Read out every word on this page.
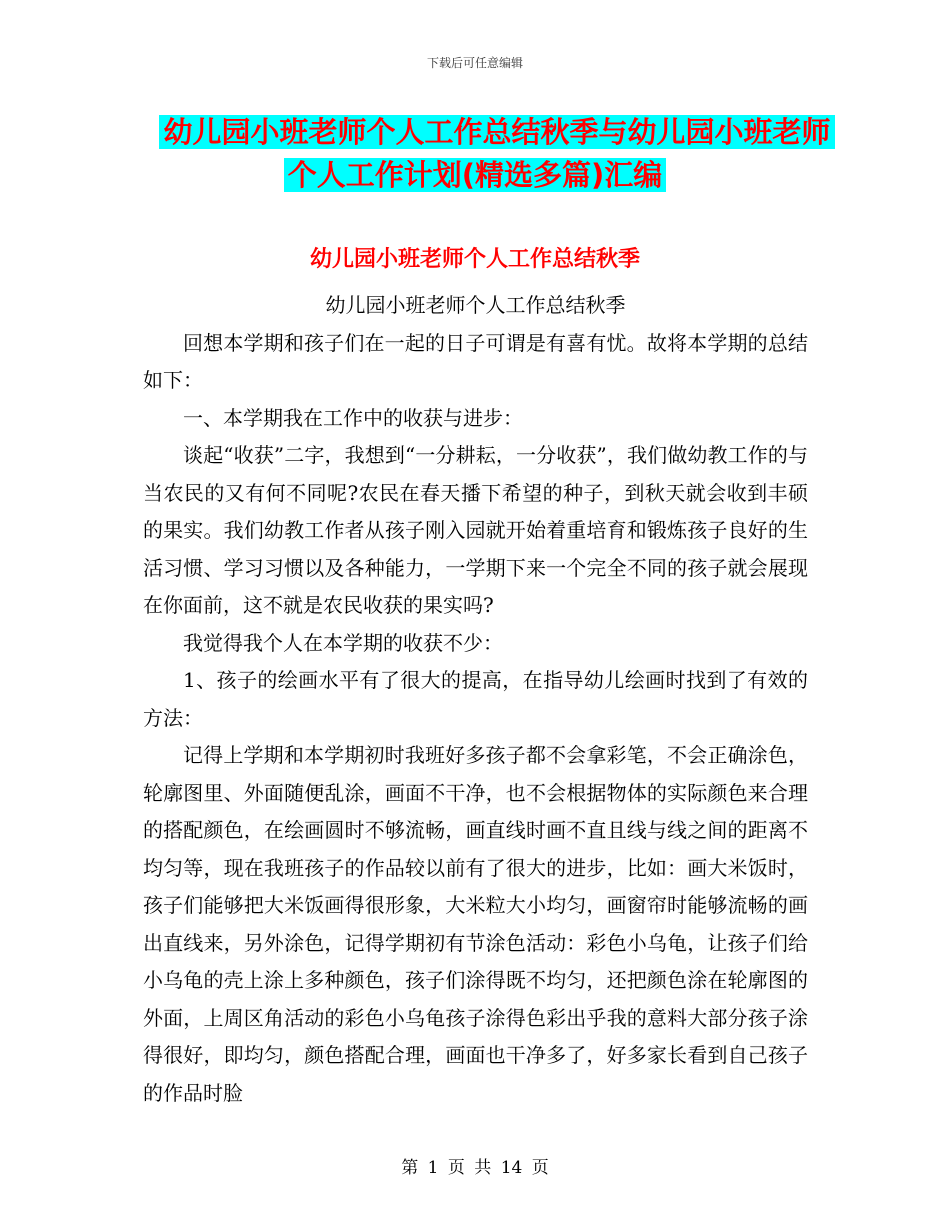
下载后可任意编辑
幼儿园小班老师个人工作总结秋季与幼儿园小班老师
个人工作计划(精选多篇)汇编
幼儿园小班老师个人工作总结秋季

幼儿园小班老师个人工作总结秋季

回想本学期和孩子们在一起的日子可谓是有喜有忧。故将本学期的总结如下：

一、本学期我在工作中的收获与进步：

谈起“收获”二字，我想到“一分耕耘，一分收获”，我们做幼教工作的与当农民的又有何不同呢?农民在春天播下希望的种子，到秋天就会收到丰硕的果实。我们幼教工作者从孩子刚入园就开始着重培育和锻炼孩子良好的生活习惯、学习习惯以及各种能力，一学期下来一个完全不同的孩子就会展现在你面前，这不就是农民收获的果实吗?

我觉得我个人在本学期的收获不少：

1、孩子的绘画水平有了很大的提高，在指导幼儿绘画时找到了有效的方法：

记得上学期和本学期初时我班好多孩子都不会拿彩笔，不会正确涂色，轮廓图里、外面随便乱涂，画面不干净，也不会根据物体的实际颜色来合理的搭配颜色，在绘画圆时不够流畅，画直线时画不直且线与线之间的距离不均匀等，现在我班孩子的作品较以前有了很大的进步，比如：画大米饭时，孩子们能够把大米饭画得很形象，大米粒大小均匀，画窗帘时能够流畅的画出直线来，另外涂色，记得学期初有节涂色活动：彩色小乌龟，让孩子们给小乌龟的壳上涂上多种颜色，孩子们涂得既不均匀，还把颜色涂在轮廓图的外面，上周区角活动的彩色小乌龟孩子涂得色彩出乎我的意料大部分孩子涂得很好，即均匀，颜色搭配合理，画面也干净多了，好多家长看到自己孩子的作品时脸

第 1 页 共 14 页
